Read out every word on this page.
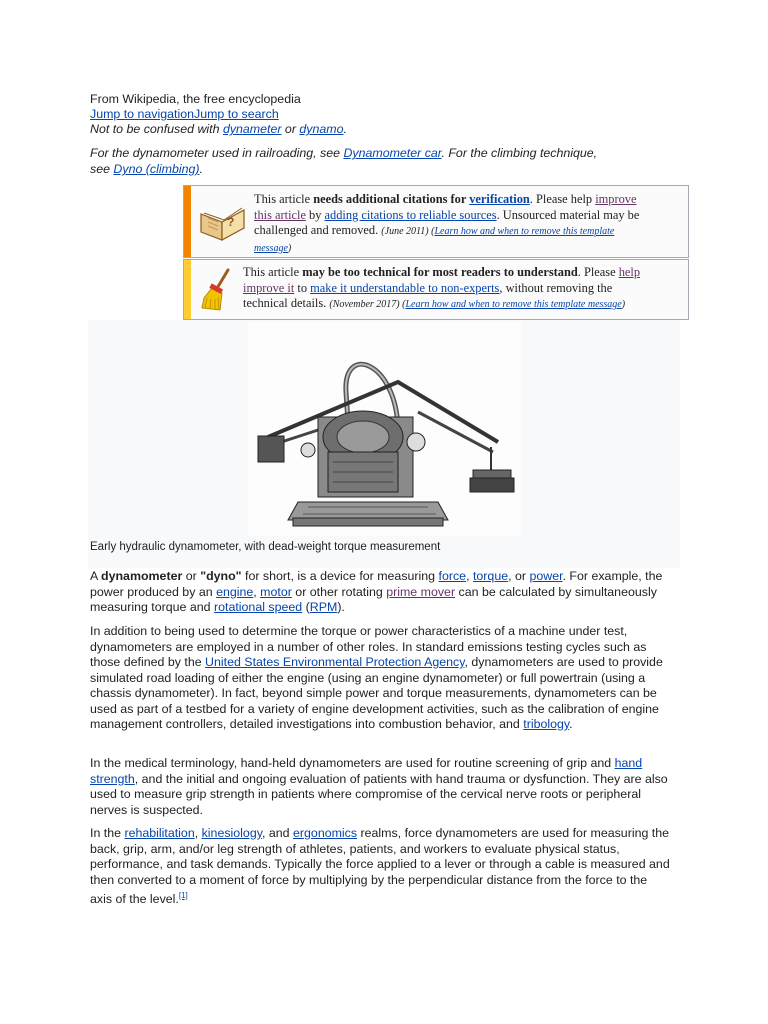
From Wikipedia, the free encyclopedia
Jump to navigationJump to search
Not to be confused with dynameter or dynamo.
For the dynamometer used in railroading, see Dynamometer car. For the climbing technique,
see Dyno (climbing).
?
This article needs additional citations for verification. Please help improve
this article by adding citations to reliable sources. Unsourced material may be
challenged and removed. (June 2011) (Learn how and when to remove this template
message)
This article may be too technical for most readers to understand. Please help
improve it to make it understandable to non-experts, without removing the
technical details. (November 2017) (Learn how and when to remove this template message)
Early hydraulic dynamometer, with dead-weight torque measurement

A dynamometer or "dyno" for short, is a device for measuring force, torque, or power. For example, the power produced by an engine, motor or other rotating prime mover can be calculated by simultaneously measuring torque and rotational speed (RPM).

In addition to being used to determine the torque or power characteristics of a machine under test, dynamometers are employed in a number of other roles. In standard emissions testing cycles such as those defined by the United States Environmental Protection Agency, dynamometers are used to provide simulated road loading of either the engine (using an engine dynamometer) or full powertrain (using a chassis dynamometer). In fact, beyond simple power and torque measurements, dynamometers can be used as part of a testbed for a variety of engine development activities, such as the calibration of engine management controllers, detailed investigations into combustion behavior, and tribology.

In the medical terminology, hand-held dynamometers are used for routine screening of grip and hand strength, and the initial and ongoing evaluation of patients with hand trauma or dysfunction. They are also used to measure grip strength in patients where compromise of the cervical nerve roots or peripheral nerves is suspected.

In the rehabilitation, kinesiology, and ergonomics realms, force dynamometers are used for measuring the back, grip, arm, and/or leg strength of athletes, patients, and workers to evaluate physical status, performance, and task demands. Typically the force applied to a lever or through a cable is measured and then converted to a moment of force by multiplying by the perpendicular distance from the force to the axis of the level.[1]
